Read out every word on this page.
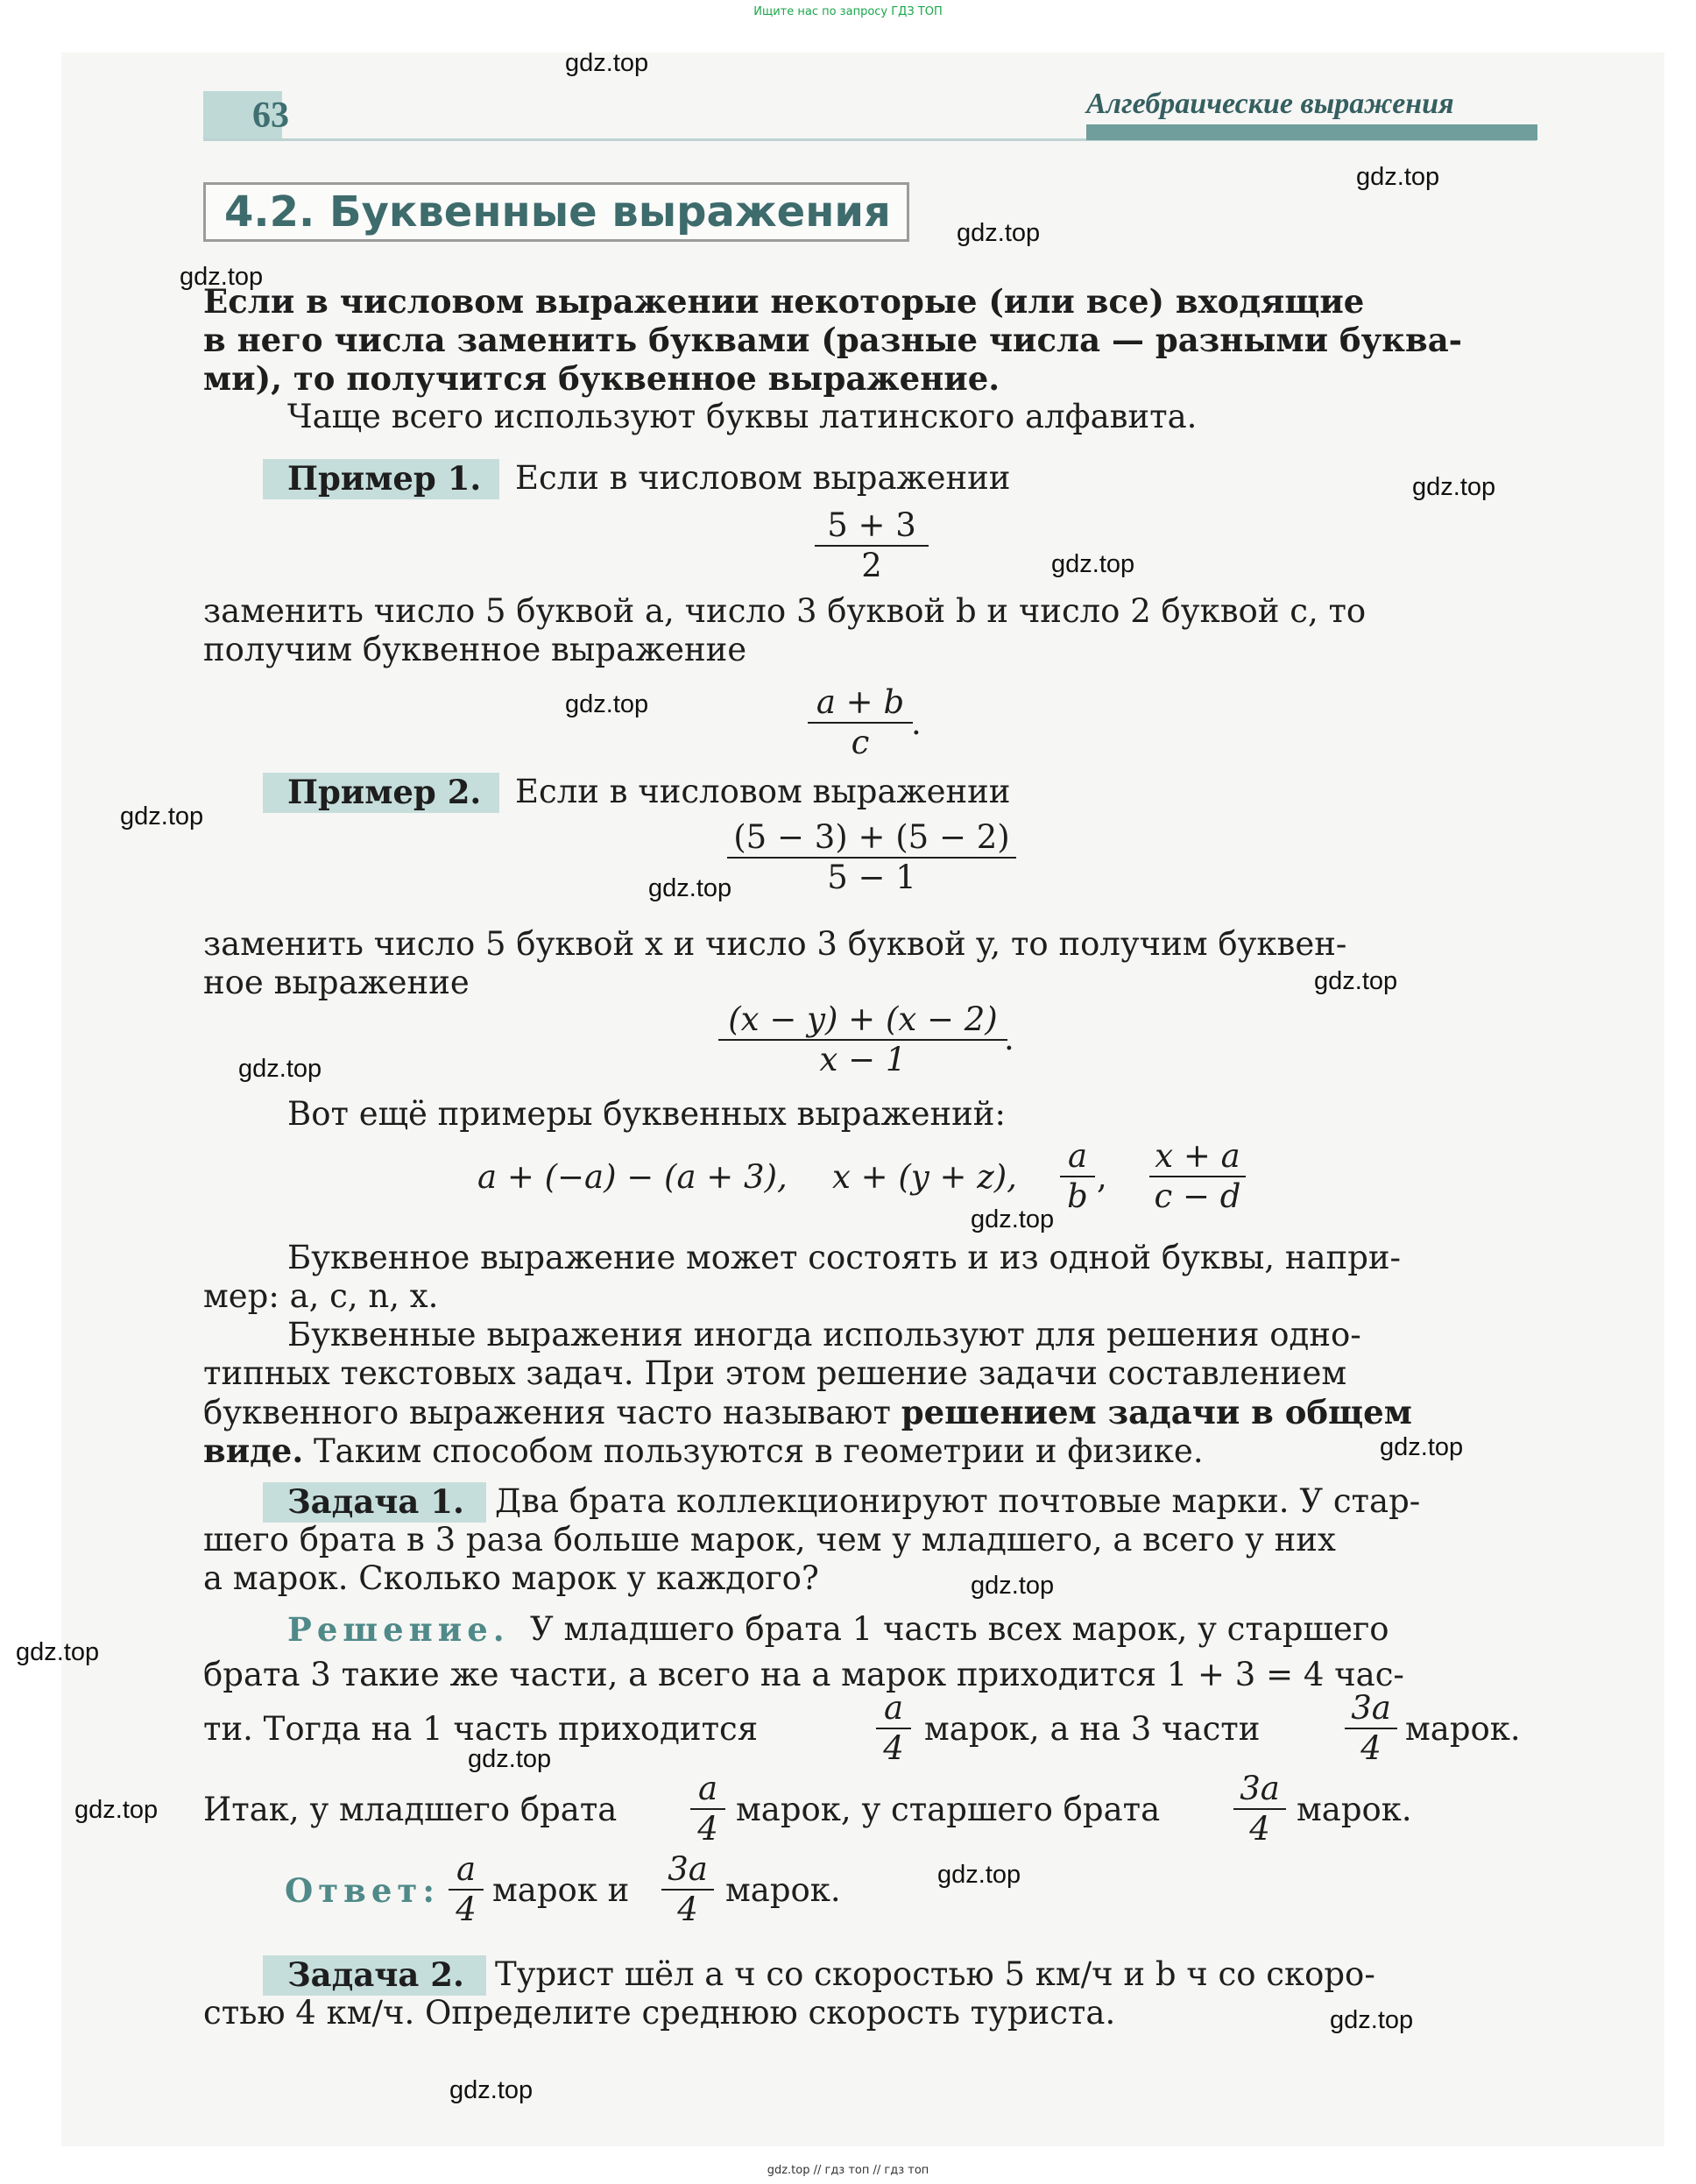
Ищите нас по запросу ГДЗ ТОП
63	Алгебраические выражения
4.2. Буквенные выражения
Если в числовом выражении некоторые (или все) входящие
в него числа заменить буквами (разные числа — разными буква-
ми), то получится буквенное выражение.
Чаще всего используют буквы латинского алфавита.
Пример 1. Если в числовом выражении
$\frac{5 + 3}{2}$
заменить число 5 буквой a, число 3 буквой b и число 2 буквой c, то
получим буквенное выражение
$\frac{a + b}{c}$
.
Пример 2. Если в числовом выражении
$\frac{(5 - 3) + (5 - 2)}{5 - 1}$
заменить число 5 буквой x и число 3 буквой y, то получим буквен-
ное выражение
$\frac{(x - y) + (x - 2)}{x - 1}$
.
Вот ещё примеры буквенных выражений:
a + (−a) − (a + 3), x + (y + z), $\frac{a}{b}$ , $\frac{x + a}{c - d}$
Буквенное выражение может состоять и из одной буквы, напри-
мер: a, c, n, x.
Буквенные выражения иногда используют для решения одно-
типных текстовых задач. При этом решение задачи составлением
буквенного выражения часто называют решением задачи в общем
виде. Таким способом пользуются в геометрии и физике.
Задача 1. Два брата коллекционируют почтовые марки. У стар-
шего брата в 3 раза больше марок, чем у младшего, а всего у них
a марок. Сколько марок у каждого?
Решение. У младшего брата 1 часть всех марок, у старшего
брата 3 такие же части, а всего на a марок приходится 1 + 3 = 4 час-
ти. Тогда на 1 часть приходится	$\frac{a}{4}$ марок, а на 3 части	$\frac{3a}{4}$ марок.
Итак, у младшего брата $\frac{a}{4}$ марок, у старшего брата $\frac{3a}{4}$ марок.
Ответ: $\frac{a}{4}$ марок и $\frac{3a}{4}$ марок.
Задача 2. Турист шёл a ч со скоростью 5 км/ч и b ч со скоро-
стью 4 км/ч. Определите среднюю скорость туриста.
gdz.top
gdz.top
gdz.top
gdz.top
gdz.top
gdz.top
gdz.top
gdz.top
gdz.top
gdz.top
gdz.top
gdz.top
gdz.top
gdz.top
gdz.top
gdz.top
gdz.top
gdz.top
gdz.top
gdz.top
gdz.top // гдз топ // гдз топ
